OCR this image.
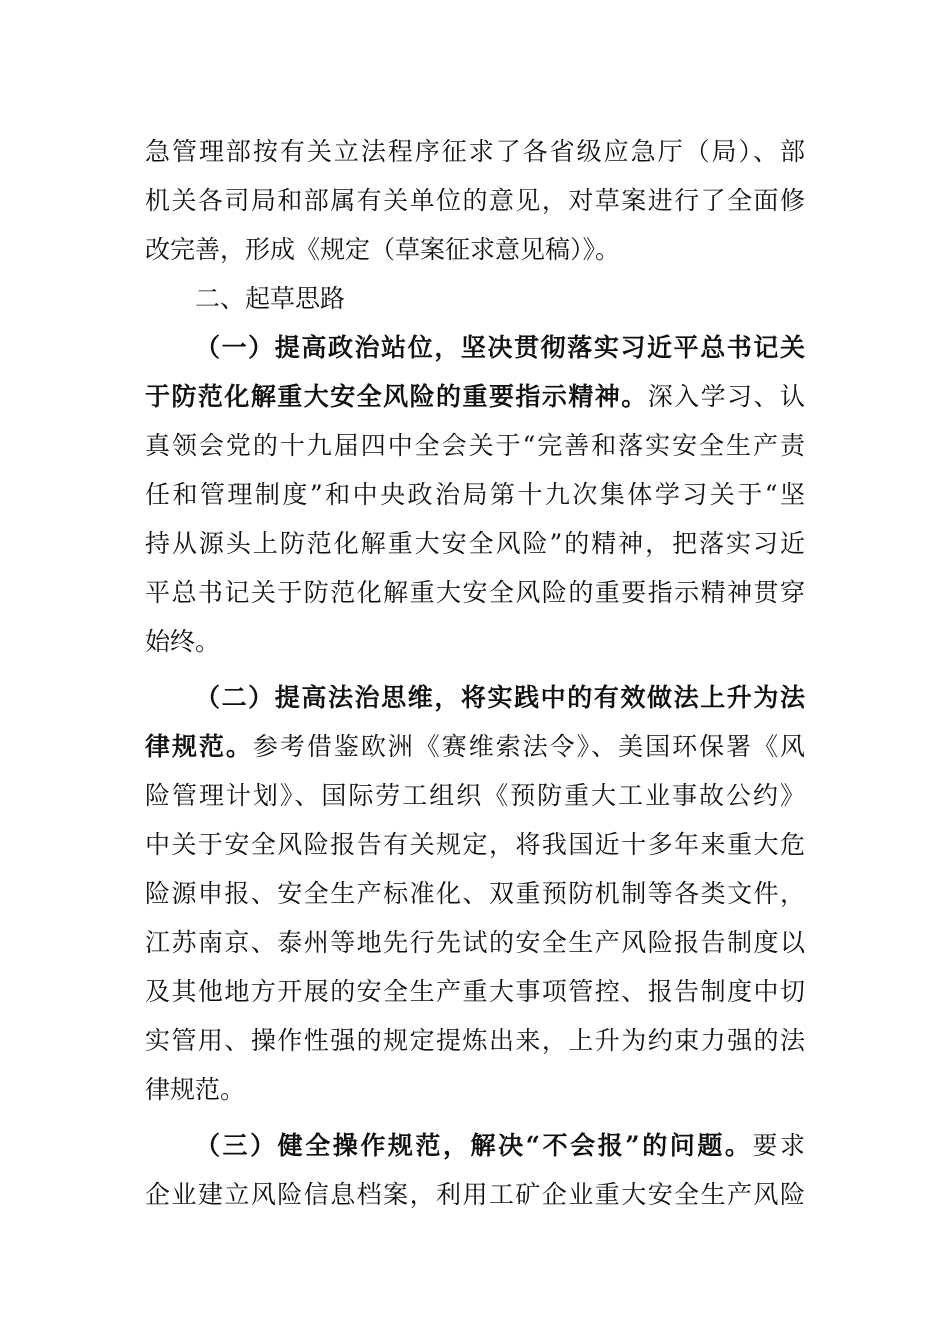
急管理部按有关立法程序征求了各省级应急厅（局）、部

机关各司局和部属有关单位的意见，对草案进行了全面修

改完善，形成《规定（草案征求意见稿）》。

二、起草思路

（一）提高政治站位，坚决贯彻落实习近平总书记关

于防范化解重大安全风险的重要指示精神。深入学习、认

真领会党的十九届四中全会关于“完善和落实安全生产责

任和管理制度”和中央政治局第十九次集体学习关于“坚

持从源头上防范化解重大安全风险”的精神，把落实习近

平总书记关于防范化解重大安全风险的重要指示精神贯穿

始终。

（二）提高法治思维，将实践中的有效做法上升为法

律规范。参考借鉴欧洲《赛维索法令》、美国环保署《风

险管理计划》、国际劳工组织《预防重大工业事故公约》

中关于安全风险报告有关规定，将我国近十多年来重大危

险源申报、安全生产标准化、双重预防机制等各类文件，

江苏南京、泰州等地先行先试的安全生产风险报告制度以

及其他地方开展的安全生产重大事项管控、报告制度中切

实管用、操作性强的规定提炼出来，上升为约束力强的法

律规范。

（三）健全操作规范，解决“不会报”的问题。要求

企业建立风险信息档案，利用工矿企业重大安全生产风险
